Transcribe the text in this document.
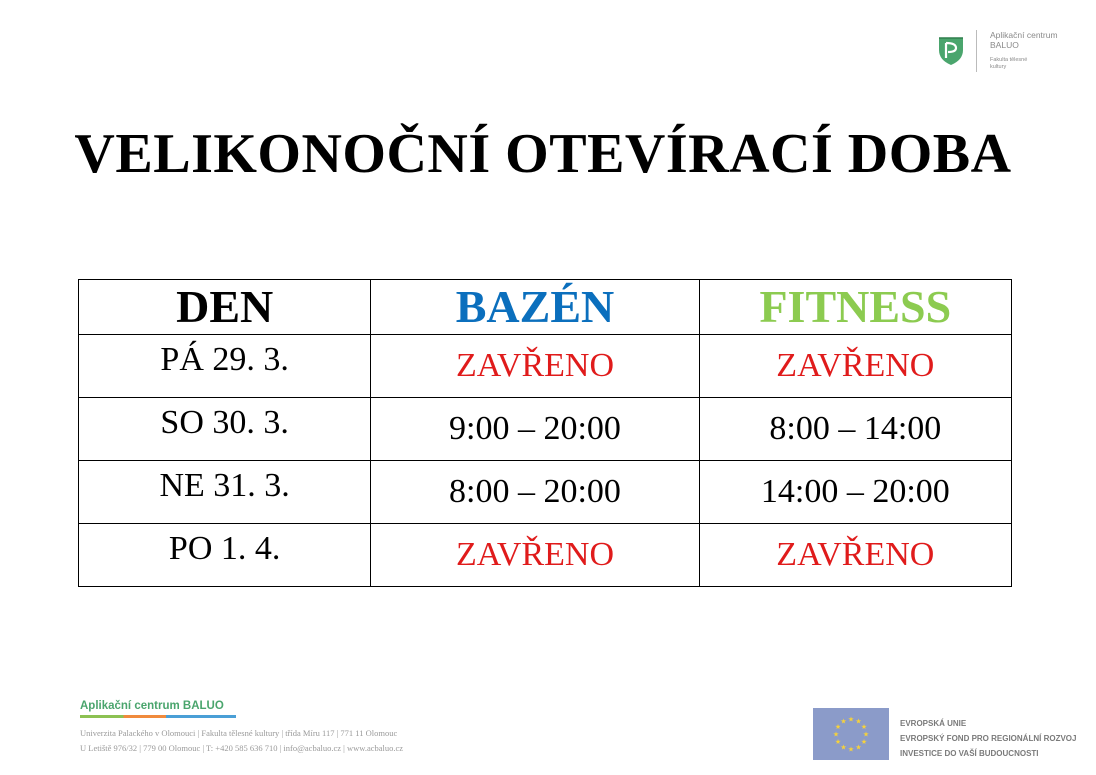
Aplikační centrum
BALUO
Fakulta tělesné kultury
VELIKONOČNÍ OTEVÍRACÍ DOBA
DEN	BAZÉN	FITNESS
PÁ 29. 3.	ZAVŘENO	ZAVŘENO
SO 30. 3.	9:00 – 20:00	8:00 – 14:00
NE 31. 3.	8:00 – 20:00	14:00 – 20:00
PO 1. 4.	ZAVŘENO	ZAVŘENO
Aplikační centrum BALUO
Univerzita Palackého v Olomouci | Fakulta tělesné kultury | třída Míru 117 | 771 11 Olomouc
U Letiště 976/32 | 779 00 Olomouc | T: +420 585 636 710 | info@acbaluo.cz | www.acbaluo.cz
★ ★
★
★
★
★
★
★
★
★
★
★	EVROPSKÁ UNIE
EVROPSKÝ FOND PRO REGIONÁLNÍ ROZVOJ
INVESTICE DO VAŠÍ BUDOUCNOSTI
